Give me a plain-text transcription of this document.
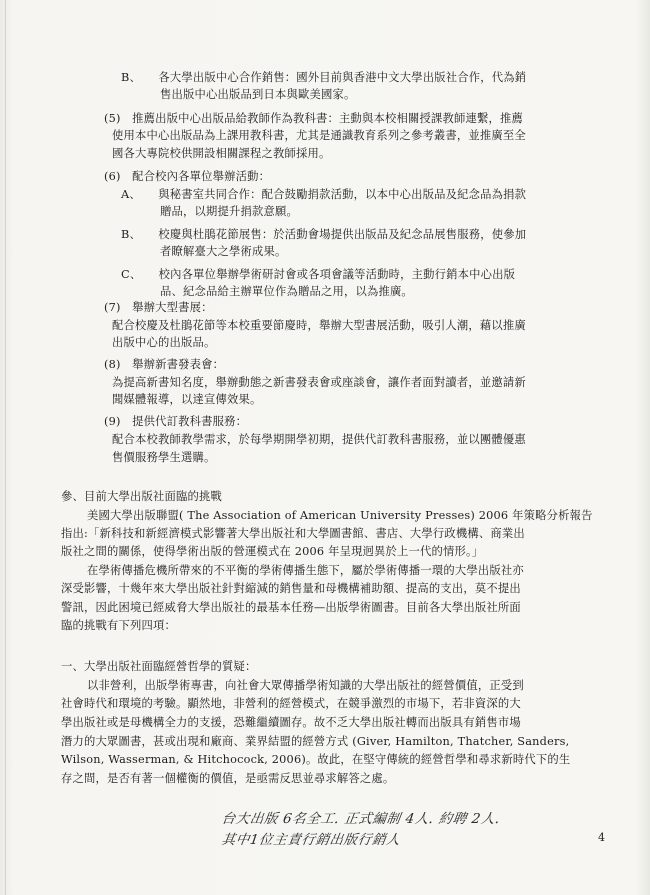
B、　　各大學出版中心合作銷售：國外目前與香港中文大學出版社合作，代為銷
售出版中心出版品到日本與歐美國家。
(5)　推薦出版中心出版品給教師作為教科書：主動與本校相關授課教師連繫，推薦
使用本中心出版品為上課用教科書，尤其是通識教育系列之參考叢書，並推廣至全
國各大專院校供開設相關課程之教師採用。
(6)　配合校內各單位舉辦活動：
A、　　與秘書室共同合作：配合鼓勵捐款活動，以本中心出版品及紀念品為捐款
贈品，以期提升捐款意願。
B、　　校慶與杜鵑花節展售：於活動會場提供出版品及紀念品展售服務，使參加
者瞭解臺大之學術成果。
C、　　校內各單位舉辦學術研討會或各項會議等活動時，主動行銷本中心出版
品、紀念品給主辦單位作為贈品之用，以為推廣。
(7)　舉辦大型書展：
配合校慶及杜鵑花節等本校重要節慶時，舉辦大型書展活動，吸引人潮，藉以推廣
出版中心的出版品。
(8)　舉辦新書發表會：
為提高新書知名度，舉辦動態之新書發表會或座談會，讓作者面對讀者，並邀請新
聞媒體報導，以達宣傳效果。
(9)　提供代訂教科書服務：
配合本校教師教學需求，於每學期開學初期，提供代訂教科書服務，並以團體優惠
售價服務學生選購。
參、目前大學出版社面臨的挑戰
美國大學出版聯盟( The Association of American University Presses) 2006 年策略分析報告
指出:「新科技和新經濟模式影響著大學出版社和大學圖書館、書店、大學行政機構、商業出
版社之間的關係，使得學術出版的營運模式在 2006 年呈現迥異於上一代的情形。」
在學術傳播危機所帶來的不平衡的學術傳播生態下，屬於學術傳播一環的大學出版社亦
深受影響，十幾年來大學出版社針對縮減的銷售量和母機構補助額、提高的支出，莫不提出
警訊，因此困境已經威脅大學出版社的最基本任務—出版學術圖書。目前各大學出版社所面
臨的挑戰有下列四項：
一、大學出版社面臨經營哲學的質疑：
以非營利，出版學術專書，向社會大眾傳播學術知識的大學出版社的經營價值，正受到
社會時代和環境的考驗。顯然地，非營利的經營模式，在競爭激烈的市場下，若非資深的大
學出版社或是母機構全力的支援，恐難繼續圖存。故不乏大學出版社轉而出版具有銷售市場
潛力的大眾圖書，甚或出現和廠商、業界結盟的經營方式 (Giver, Hamilton, Thatcher, Sanders,
Wilson, Wasserman, & Hitchocock, 2006)。故此，在堅守傳統的經營哲學和尋求新時代下的生
存之間，是否有著一個權衡的價值，是亟需反思並尋求解答之處。
台大出版 6名全工. 正式編制 4人. 約聘 2人.
其中1位主責行銷出版行銷人	4
